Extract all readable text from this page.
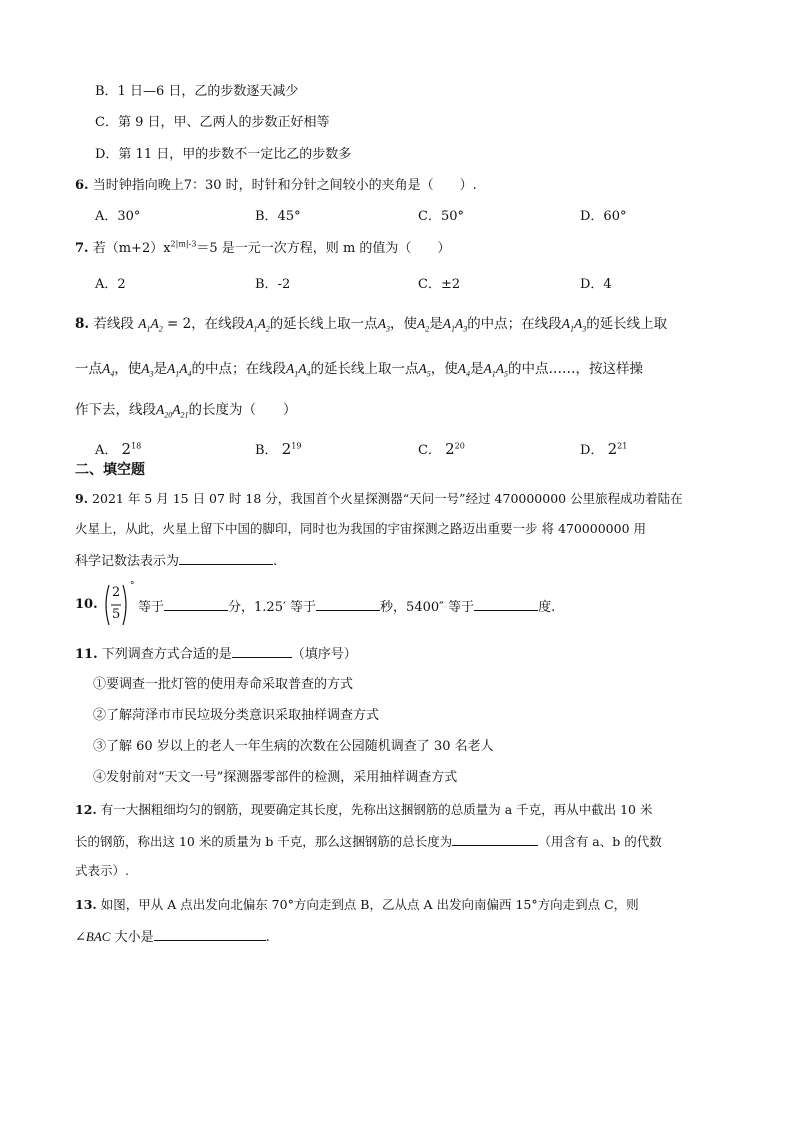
B．1 日—6 日，乙的步数逐天减少
C．第 9 日，甲、乙两人的步数正好相等
D．第 11 日，甲的步数不一定比乙的步数多
6. 当时钟指向晚上7：30 时，时针和分针之间较小的夹角是（　　）.
A．30°	B．45°	C．50°	D．60°
7. 若$(m+2)x^{2|m|-3}=5$ 是一元一次方程，则 m 的值为（　　）
A．2	B．-2	C．±2	D．4
8. 若线段 $A_1A_2 = 2$，在线段$A_1A_2$的延长线上取一点$A_3$，使$A_2$是$A_1A_3$的中点；在线段$A_1A_3$的延长线上取
一点$A_4$，使$A_3$是$A_1A_4$的中点；在线段$A_1A_4$的延长线上取一点$A_5$，使$A_4$是$A_1A_5$的中点……，按这样操
作下去，线段$A_{20}A_{21}$的长度为（　　）
A． $2^{18}$	B． $2^{19}$	C． $2^{20}$	D． $2^{21}$
二、填空题
9. 2021 年 5 月 15 日 07 时 18 分，我国首个火星探测器“天问一号”经过 470000000 公里旅程成功着陆在
火星上，从此，火星上留下中国的脚印，同时也为我国的宇宙探测之路迈出重要一步 将 470000000 用
科学记数法表示为	.
10.
2
5
°
等于	分，1.25′ 等于	秒，5400″ 等于	度.
11. 下列调查方式合适的是	（填序号）
①要调查一批灯管的使用寿命采取普查的方式
②了解菏泽市市民垃圾分类意识采取抽样调查方式
③了解 60 岁以上的老人一年生病的次数在公园随机调查了 30 名老人
④发射前对“天文一号”探测器零部件的检测，采用抽样调查方式
12. 有一大捆粗细均匀的钢筋，现要确定其长度，先称出这捆钢筋的总质量为 a 千克，再从中截出 10 米
长的钢筋，称出这 10 米的质量为 b 千克，那么这捆钢筋的总长度为	（用含有 a、b 的代数
式表示）.
13. 如图，甲从 A 点出发向北偏东 70°方向走到点 B，乙从点 A 出发向南偏西 15°方向走到点 C，则
∠BAC 大小是	.
